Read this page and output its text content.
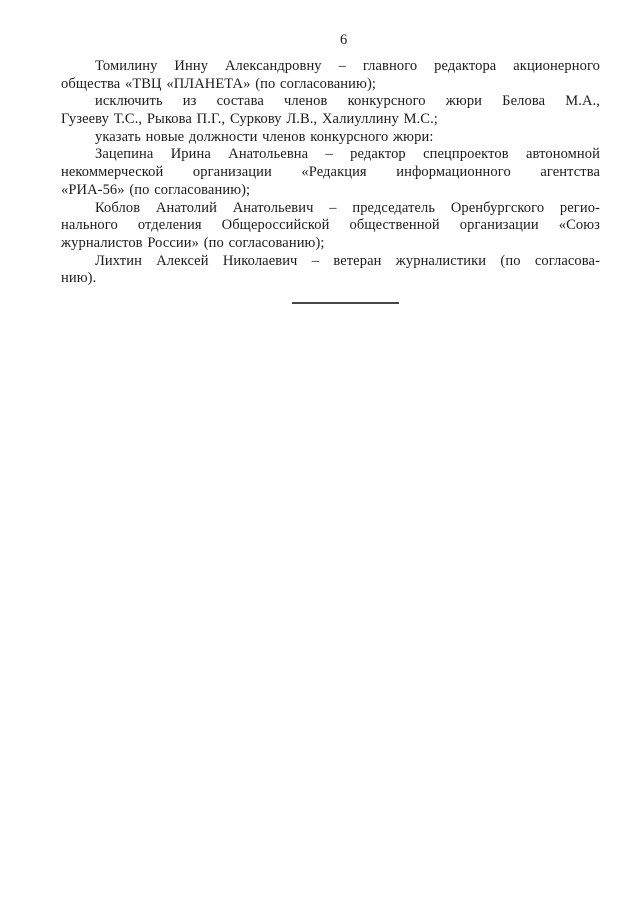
6
Томилину Инну Александровну – главного редактора акционерного
общества «ТВЦ «ПЛАНЕТА» (по согласованию);
исключить из состава членов конкурсного жюри Белова М.А.,
Гузееву Т.С., Рыкова П.Г., Суркову Л.В., Халиуллину М.С.;
указать новые должности членов конкурсного жюри:
Зацепина Ирина Анатольевна – редактор спецпроектов автономной
некоммерческой организации «Редакция информационного агентства
«РИА-56» (по согласованию);
Коблов Анатолий Анатольевич – председатель Оренбургского регио-
нального отделения Общероссийской общественной организации «Союз
журналистов России» (по согласованию);
Лихтин Алексей Николаевич – ветеран журналистики (по согласова-
нию).
